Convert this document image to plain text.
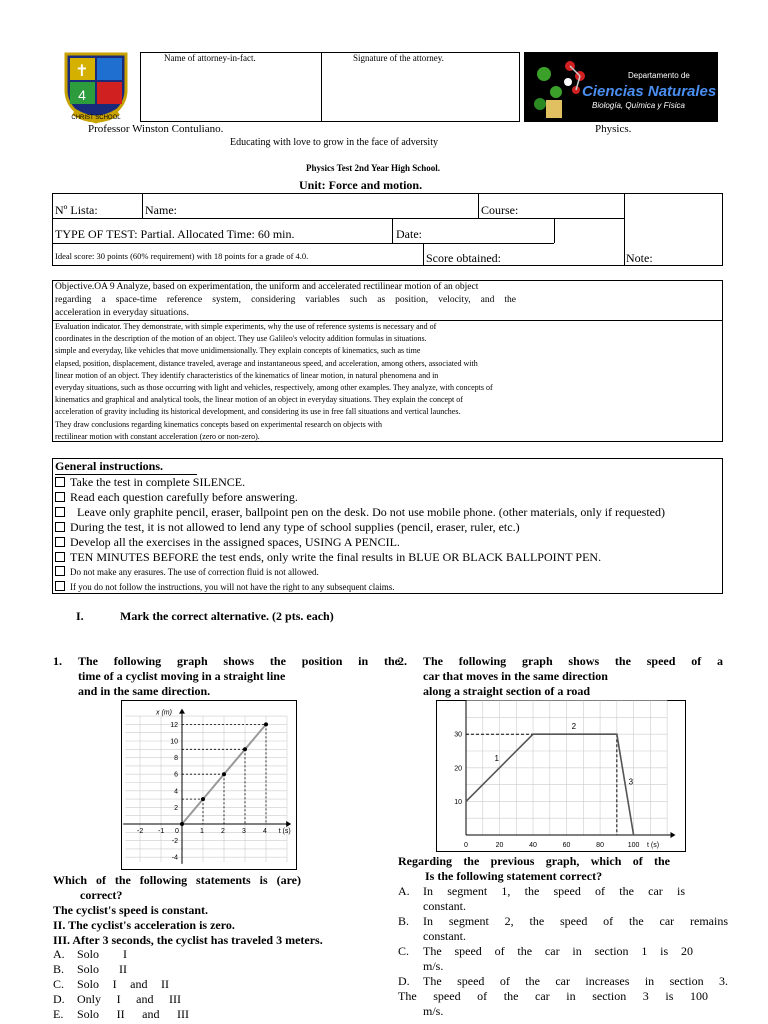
✝
4
CHRIST SCHOOL
Name of attorney-in-fact.	Signature of the attorney.
Departamento de
Ciencias Naturales
Biología, Química y Física
Professor Winston Contuliano.	Physics.
Educating with love to grow in the face of adversity
Physics Test 2nd Year High School.
Unit: Force and motion.
Nº Lista:	Name:	Course:
TYPE OF TEST: Partial. Allocated Time: 60 min.	Date:
Ideal score: 30 points (60% requirement) with 18 points for a grade of 4.0.	Score obtained:	Note:
Objective.OA 9 Analyze, based on experimentation, the uniform and accelerated rectilinear motion of an object
regarding a space-time reference system, considering variables such as position, velocity, and the
acceleration in everyday situations.
Evaluation indicator. They demonstrate, with simple experiments, why the use of reference systems is necessary and of
coordinates in the description of the motion of an object. They use Galileo's velocity addition formulas in situations.
simple and everyday, like vehicles that move unidimensionally. They explain concepts of kinematics, such as time
elapsed, position, displacement, distance traveled, average and instantaneous speed, and acceleration, among others, associated with
linear motion of an object. They identify characteristics of the kinematics of linear motion, in natural phenomena and in
everyday situations, such as those occurring with light and vehicles, respectively, among other examples. They analyze, with concepts of
kinematics and graphical and analytical tools, the linear motion of an object in everyday situations. They explain the concept of
acceleration of gravity including its historical development, and considering its use in free fall situations and vertical launches.
They draw conclusions regarding kinematics concepts based on experimental research on objects with
rectilinear motion with constant acceleration (zero or non-zero).
General instructions.
Take the test in complete SILENCE.
Read each question carefully before answering.
Leave only graphite pencil, eraser, ballpoint pen on the desk. Do not use mobile phone. (other materials, only if requested)
During the test, it is not allowed to lend any type of school supplies (pencil, eraser, ruler, etc.)
Develop all the exercises in the assigned spaces, USING A PENCIL.
TEN MINUTES BEFORE the test ends, only write the final results in BLUE OR BLACK BALLPOINT PEN.
Do not make any erasures. The use of correction fluid is not allowed.
If you do not follow the instructions, you will not have the right to any subsequent claims.
I.	Mark the correct alternative. (2 pts. each)
1. The following graph shows the position in the
time of a cyclist moving in a straight line
and in the same direction.
x (m)
t (s)
-2 -1 0	1 2 3 4
-4
-2
2
4
6
8
10
12
Which of the following statements is (are)
correct?
The cyclist's speed is constant.
II. The cyclist's acceleration is zero.
III. After 3 seconds, the cyclist has traveled 3 meters.
A. Solo I
B. Solo II
C. Solo I and II
D. Only I and III
E. Solo II and III
2. The following graph shows the speed of a
car that moves in the same direction
along a straight section of a road
t (s)
0	20	40	60	80	100
10
20
30
1
2
3
Regarding the previous graph, which of the
Is the following statement correct?
A. In segment 1, the speed of the car is
constant.
B. In segment 2, the speed of the car remains
constant.
C. The speed of the car in section 1 is 20
m/s.
D. The speed of the car increases in section 3.
The speed of the car in section 3 is 100
m/s.
